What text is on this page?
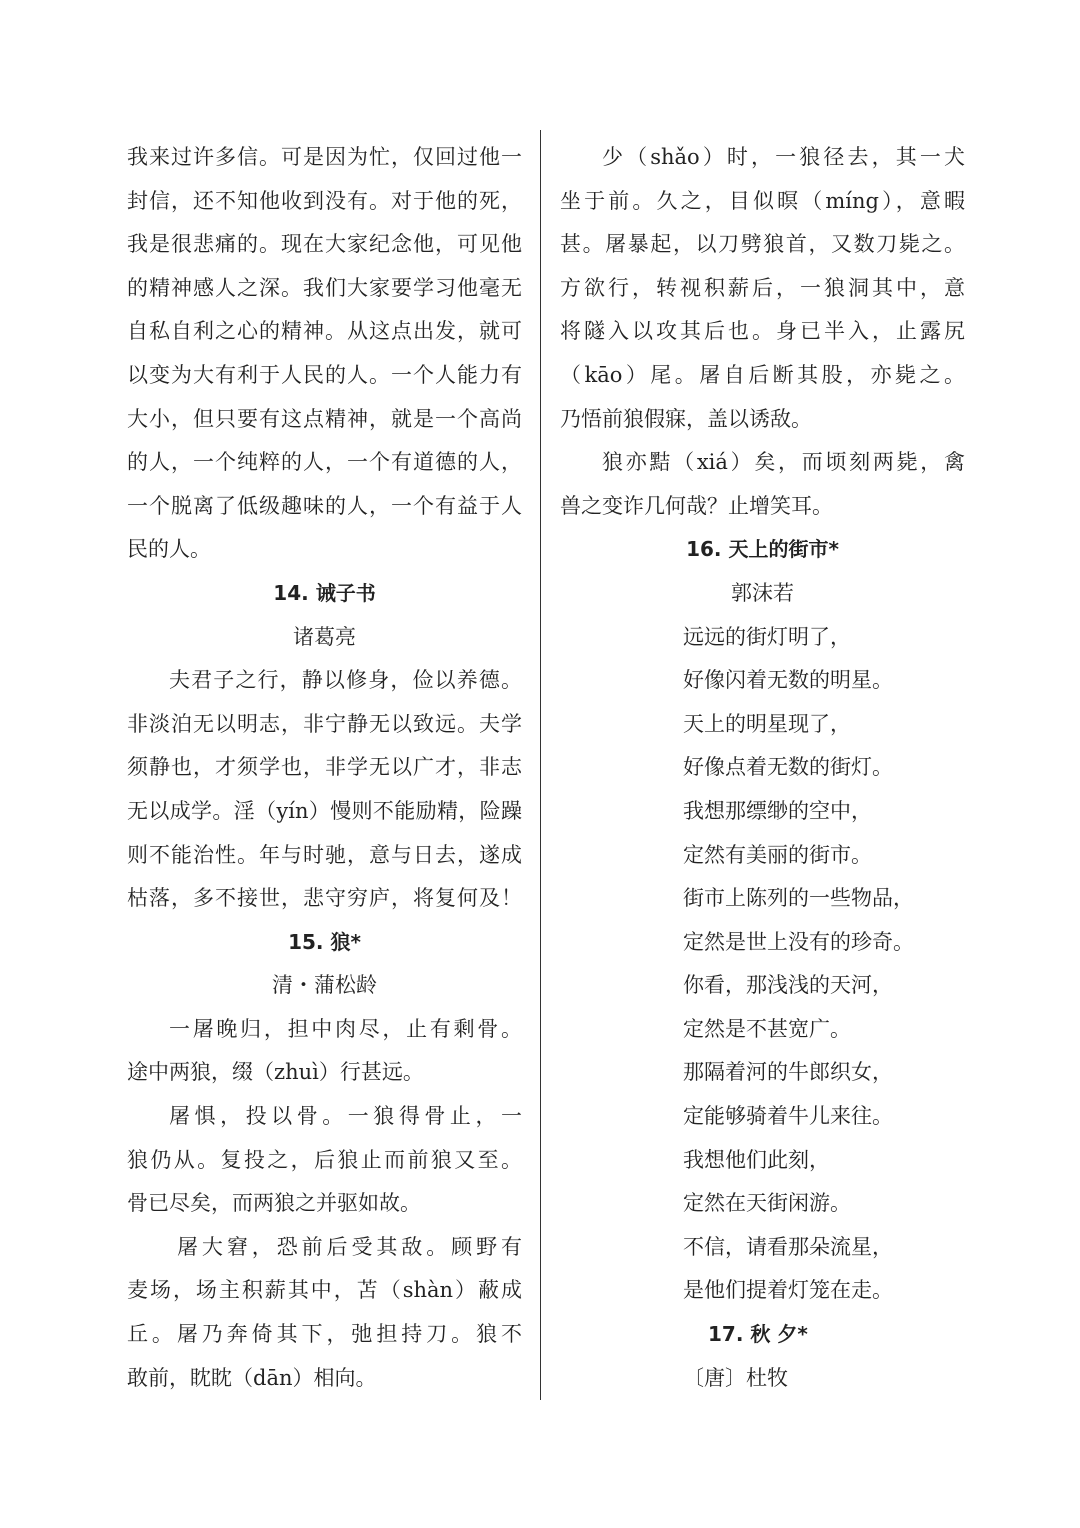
我来过许多信。可是因为忙，仅回过他一
封信，还不知他收到没有。对于他的死，
我是很悲痛的。现在大家纪念他，可见他
的精神感人之深。我们大家要学习他毫无
自私自利之心的精神。从这点出发，就可
以变为大有利于人民的人。一个人能力有
大小，但只要有这点精神，就是一个高尚
的人，一个纯粹的人，一个有道德的人，
一个脱离了低级趣味的人，一个有益于人
民的人。
14. 诫子书
诸葛亮
夫君子之行，静以修身，俭以养德。
非淡泊无以明志，非宁静无以致远。夫学
须静也，才须学也，非学无以广才，非志
无以成学。淫（yín）慢则不能励精，险躁
则不能治性。年与时驰，意与日去，遂成
枯落，多不接世，悲守穷庐，将复何及！
15. 狼*
清・蒲松龄
一屠晚归，担中肉尽，止有剩骨。
途中两狼，缀（zhuì）行甚远。
屠惧，投以骨。一狼得骨止，一
狼仍从。复投之，后狼止而前狼又至。
骨已尽矣，而两狼之并驱如故。
屠大窘，恐前后受其敌。顾野有
麦场，场主积薪其中，苫（shàn）蔽成
丘。屠乃奔倚其下，弛担持刀。狼不
敢前，眈眈（dān）相向。
少（shǎo）时，一狼径去，其一犬
坐于前。久之，目似暝（míng），意暇
甚。屠暴起，以刀劈狼首，又数刀毙之。
方欲行，转视积薪后，一狼洞其中，意
将隧入以攻其后也。身已半入，止露尻
（kāo）尾。屠自后断其股，亦毙之。
乃悟前狼假寐，盖以诱敌。
狼亦黠（xiá）矣，而顷刻两毙，禽
兽之变诈几何哉？止增笑耳。
16. 天上的街市*
郭沫若
远远的街灯明了，
好像闪着无数的明星。
天上的明星现了，
好像点着无数的街灯。
我想那缥缈的空中，
定然有美丽的街市。
街市上陈列的一些物品，
定然是世上没有的珍奇。
你看，那浅浅的天河，
定然是不甚宽广。
那隔着河的牛郎织女，
定能够骑着牛儿来往。
我想他们此刻，
定然在天街闲游。
不信，请看那朵流星，
是他们提着灯笼在走。
17. 秋 夕*
〔唐〕杜牧
